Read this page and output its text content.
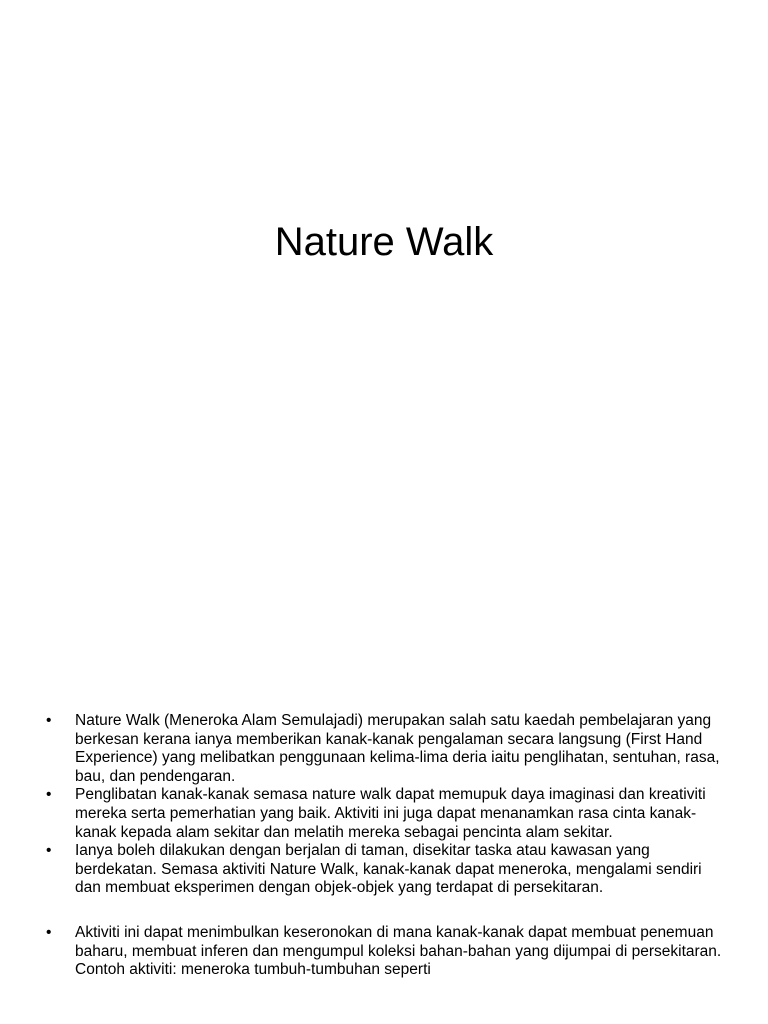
Nature Walk
•	Nature Walk (Meneroka Alam Semulajadi) merupakan salah satu kaedah pembelajaran yang berkesan kerana ianya memberikan kanak-kanak pengalaman secara langsung (First Hand Experience) yang melibatkan penggunaan kelima-lima deria iaitu penglihatan, sentuhan, rasa, bau, dan pendengaran.
•	Penglibatan kanak-kanak semasa nature walk dapat memupuk daya imaginasi dan kreativiti mereka serta pemerhatian yang baik. Aktiviti ini juga dapat menanamkan rasa cinta kanak-kanak kepada alam sekitar dan melatih mereka sebagai pencinta alam sekitar.
•	Ianya boleh dilakukan dengan berjalan di taman, disekitar taska atau kawasan yang berdekatan. Semasa aktiviti Nature Walk, kanak-kanak dapat meneroka, mengalami sendiri dan membuat eksperimen dengan objek-objek yang terdapat di persekitaran.
•	Aktiviti ini dapat menimbulkan keseronokan di mana kanak-kanak dapat membuat penemuan baharu, membuat inferen dan mengumpul koleksi bahan-bahan yang dijumpai di persekitaran. Contoh aktiviti: meneroka tumbuh-tumbuhan seperti
